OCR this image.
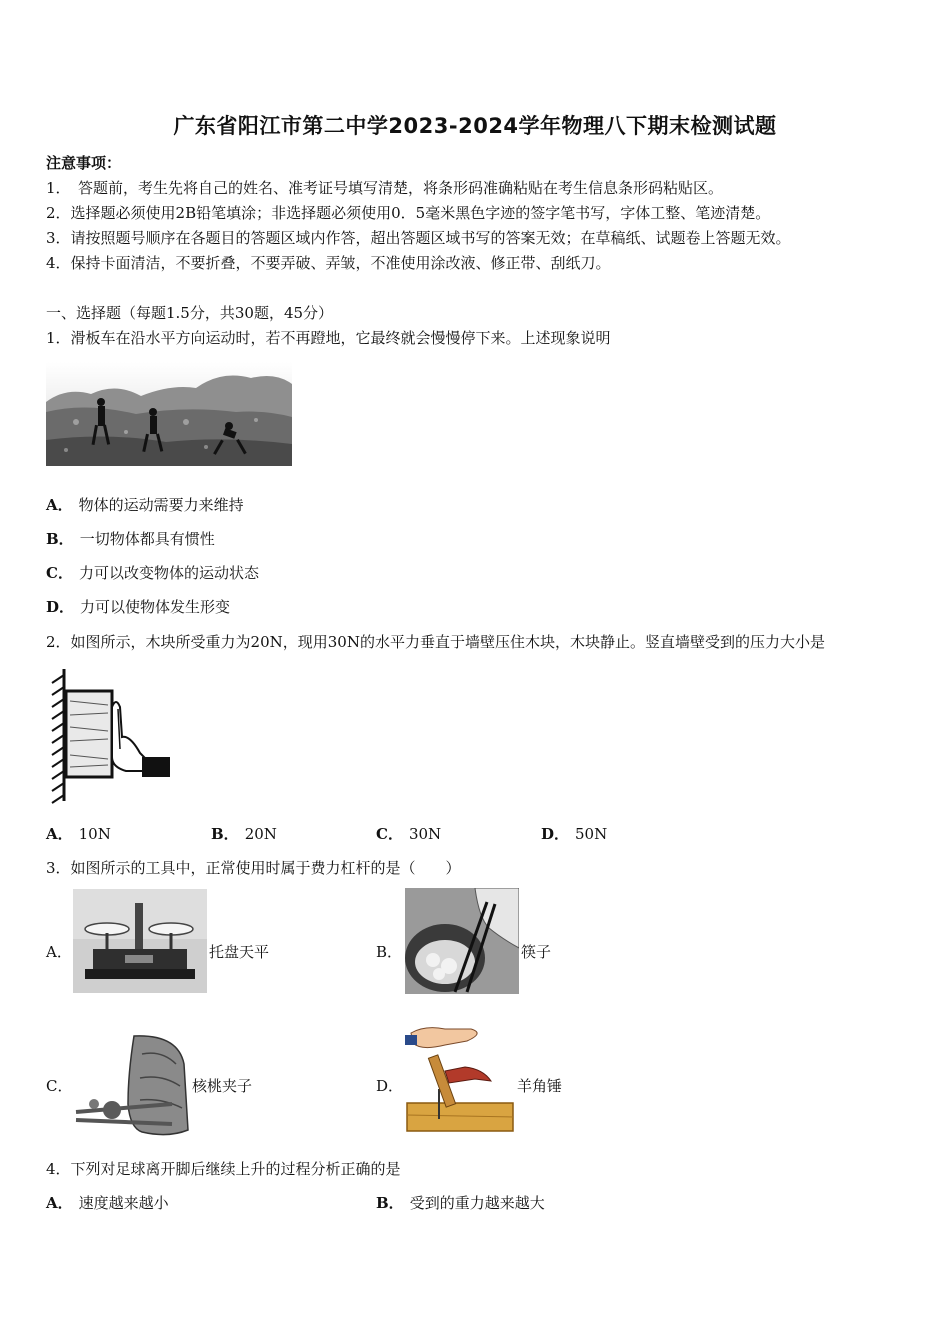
广东省阳江市第二中学2023-2024学年物理八下期末检测试题
注意事项：
1．　答题前，考生先将自己的姓名、准考证号填写清楚，将条形码准确粘贴在考生信息条形码粘贴区。
2．选择题必须使用2B铅笔填涂；非选择题必须使用0．5毫米黑色字迹的签字笔书写，字体工整、笔迹清楚。
3．请按照题号顺序在各题目的答题区域内作答，超出答题区域书写的答案无效；在草稿纸、试题卷上答题无效。
4．保持卡面清洁，不要折叠，不要弄破、弄皱，不准使用涂改液、修正带、刮纸刀。
一、选择题（每题1.5分，共30题，45分）
1．滑板车在沿水平方向运动时，若不再蹬地，它最终就会慢慢停下来。上述现象说明
A． 物体的运动需要力来维持
B． 一切物体都具有惯性
C． 力可以改变物体的运动状态
D． 力可以使物体发生形变
2．如图所示，木块所受重力为20N，现用30N的水平力垂直于墙壁压住木块，木块静止。竖直墙壁受到的压力大小是
A． 10N	B． 20N	C． 30N	D． 50N
3．如图所示的工具中，正常使用时属于费力杠杆的是（　　）
A．	托盘天平	B．	筷子
C．	核桃夹子	D．	羊角锤
4．下列对足球离开脚后继续上升的过程分析正确的是
A． 速度越来越小	B． 受到的重力越来越大
